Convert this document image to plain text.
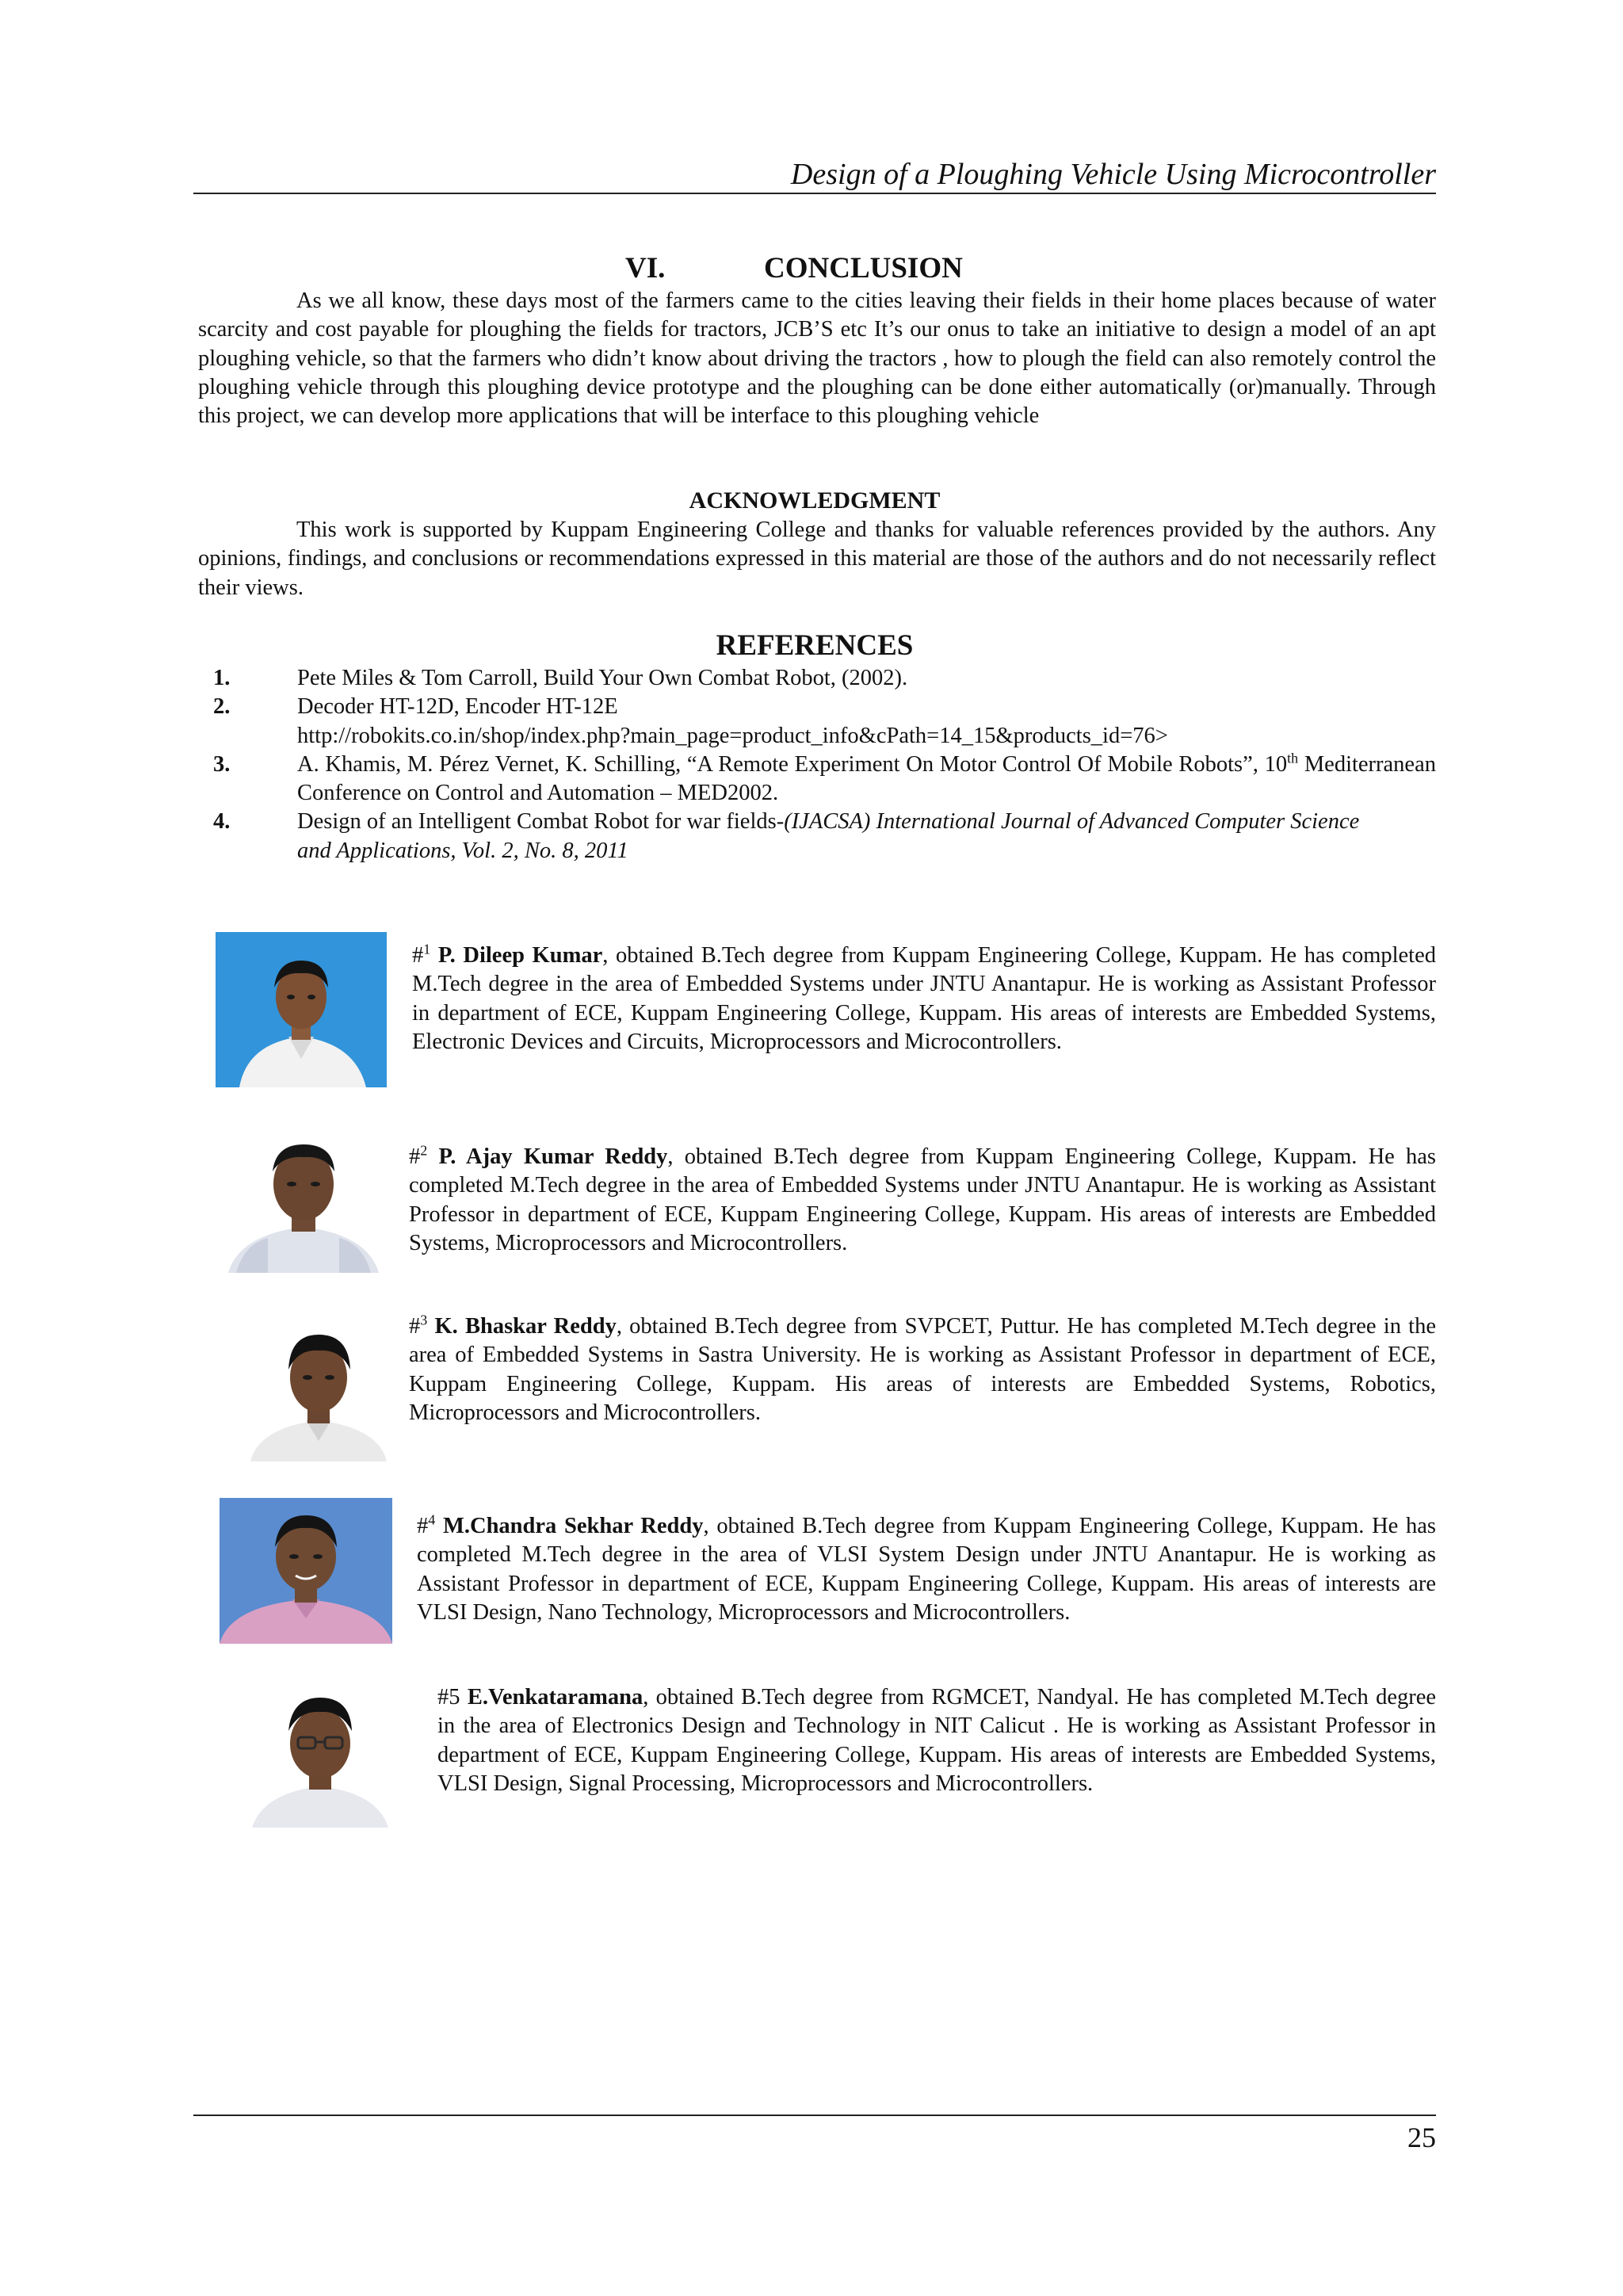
Design of a Ploughing Vehicle Using Microcontroller
VI.	CONCLUSION

As we all know, these days most of the farmers came to the cities leaving their fields in their home places because of water scarcity and cost payable for ploughing the fields for tractors, JCB’S etc It’s our onus to take an initiative to design a model of an apt ploughing vehicle, so that the farmers who didn’t know about driving the tractors , how to plough the field can also remotely control the ploughing vehicle through this ploughing device prototype and the ploughing can be done either automatically (or)manually. Through this project, we can develop more applications that will be interface to this ploughing vehicle

ACKNOWLEDGMENT

This work is supported by Kuppam Engineering College and thanks for valuable references provided by the authors. Any opinions, findings, and conclusions or recommendations expressed in this material are those of the authors and do not necessarily reflect their views.

REFERENCES
1.	Pete Miles & Tom Carroll, Build Your Own Combat Robot, (2002).
2.	Decoder HT-12D, Encoder HT-12E
http://robokits.co.in/shop/index.php?main_page=product_info&cPath=14_15&products_id=76>
3.	A. Khamis, M. Pérez Vernet, K. Schilling, “A Remote Experiment On Motor Control Of Mobile Robots”, 10th Mediterranean Conference on Control and Automation – MED2002.
4.	Design of an Intelligent Combat Robot for war fields-(IJACSA) International Journal of Advanced Computer Science
and Applications, Vol. 2, No. 8, 2011

#$^1$ P. Dileep Kumar, obtained B.Tech degree from Kuppam Engineering College, Kuppam. He has completed M.Tech degree in the area of Embedded Systems under JNTU Anantapur. He is working as Assistant Professor in department of ECE, Kuppam Engineering College, Kuppam. His areas of interests are Embedded Systems, Electronic Devices and Circuits, Microprocessors and Microcontrollers.

#$^2$ P. Ajay Kumar Reddy, obtained B.Tech degree from Kuppam Engineering College, Kuppam. He has completed M.Tech degree in the area of Embedded Systems under JNTU Anantapur. He is working as Assistant Professor in department of ECE, Kuppam Engineering College, Kuppam. His areas of interests are Embedded Systems, Microprocessors and Microcontrollers.

#$^3$ K. Bhaskar Reddy, obtained B.Tech degree from SVPCET, Puttur. He has completed M.Tech degree in the area of Embedded Systems in Sastra University. He is working as Assistant Professor in department of ECE, Kuppam Engineering College, Kuppam. His areas of interests are Embedded Systems, Robotics, Microprocessors and Microcontrollers.

#$^4$ M.Chandra Sekhar Reddy, obtained B.Tech degree from Kuppam Engineering College, Kuppam. He has completed M.Tech degree in the area of VLSI System Design under JNTU Anantapur. He is working as Assistant Professor in department of ECE, Kuppam Engineering College, Kuppam. His areas of interests are VLSI Design, Nano Technology, Microprocessors and Microcontrollers.

#5 E.Venkataramana, obtained B.Tech degree from RGMCET, Nandyal. He has completed M.Tech degree in the area of Electronics Design and Technology in NIT Calicut . He is working as Assistant Professor in department of ECE, Kuppam Engineering College, Kuppam. His areas of interests are Embedded Systems, VLSI Design, Signal Processing, Microprocessors and Microcontrollers.

25
